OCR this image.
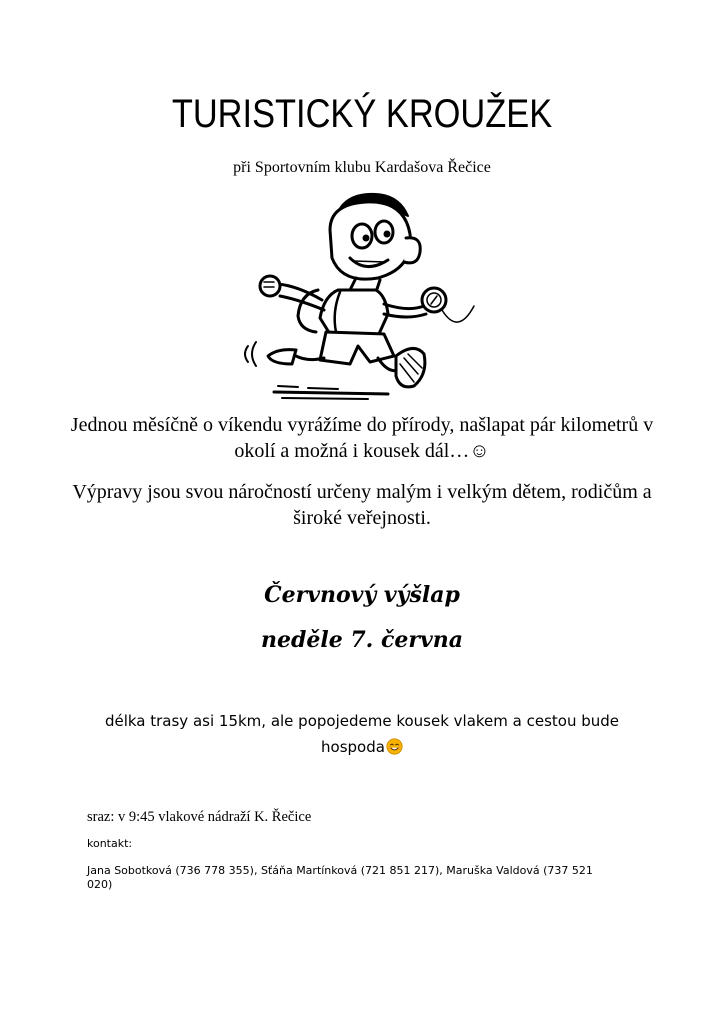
TURISTICKÝ KROUŽEK
při Sportovním klubu Kardašova Řečice
Jednou měsíčně o víkendu vyrážíme do přírody, našlapat pár kilometrů v okolí a možná i kousek dál…☺
Výpravy jsou svou náročností určeny malým i velkým dětem, rodičům a široké veřejnosti.
Červnový výšlap
neděle 7. června
délka trasy asi 15km, ale popojedeme kousek vlakem a cestou bude hospoda
sraz: v 9:45 vlakové nádraží K. Řečice
kontakt:
Jana Sobotková (736 778 355), Sťáňa Martínková (721 851 217), Maruška Valdová (737 521 020)
